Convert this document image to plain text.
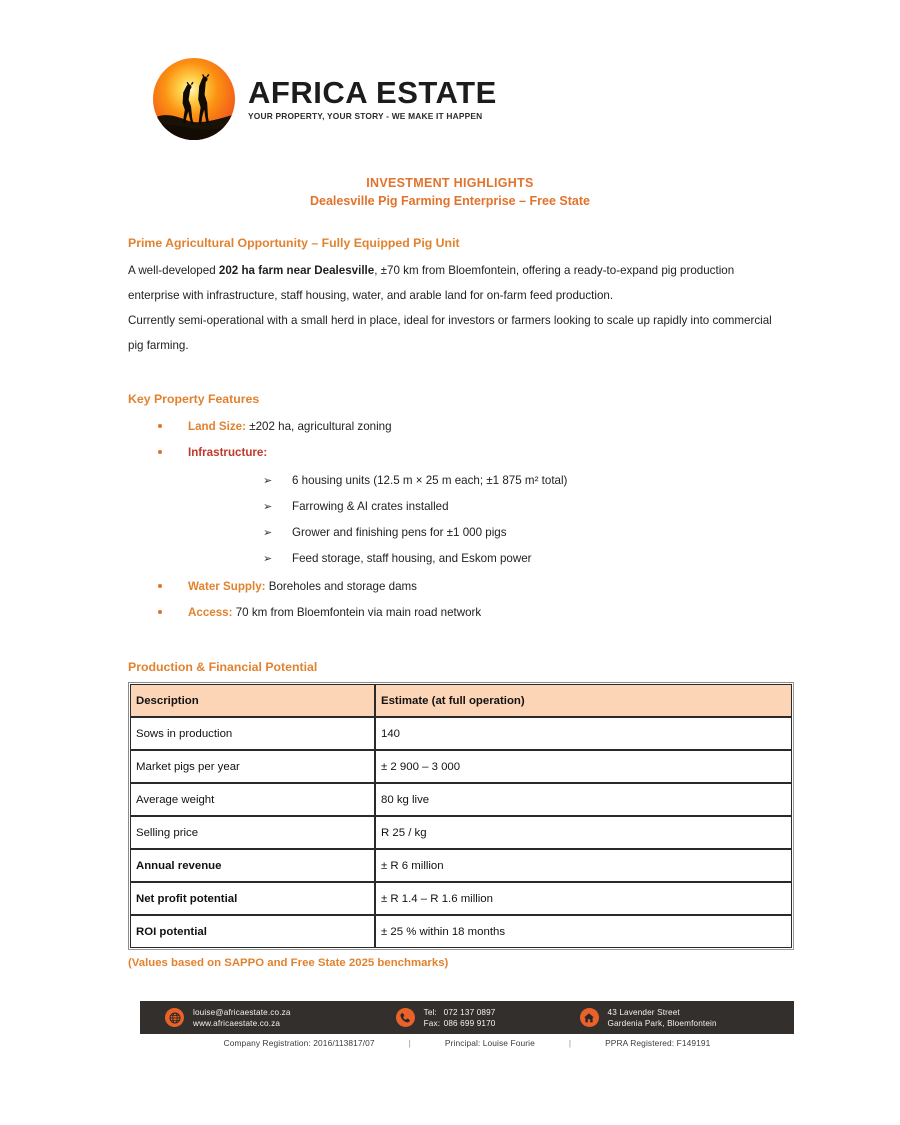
AFRICA ESTATE
YOUR PROPERTY, YOUR STORY - WE MAKE IT HAPPEN
INVESTMENT HIGHLIGHTS
Dealesville Pig Farming Enterprise – Free State
Prime Agricultural Opportunity – Fully Equipped Pig Unit

A well-developed 202 ha farm near Dealesville, ±70 km from Bloemfontein, offering a ready-to-expand pig production enterprise with infrastructure, staff housing, water, and arable land for on-farm feed production.

Currently semi-operational with a small herd in place, ideal for investors or farmers looking to scale up rapidly into commercial pig farming.

Key Property Features
Land Size: ±202 ha, agricultural zoning
Infrastructure:
➢ 6 housing units (12.5 m × 25 m each; ±1 875 m² total)
➢ Farrowing & AI crates installed
➢ Grower and finishing pens for ±1 000 pigs
➢ Feed storage, staff housing, and Eskom power
Water Supply: Boreholes and storage dams
Access: 70 km from Bloemfontein via main road network
Production & Financial Potential
Description	Estimate (at full operation)
Sows in production	140
Market pigs per year	± 2 900 – 3 000
Average weight	80 kg live
Selling price	R 25 / kg
Annual revenue	± R 6 million
Net profit potential	± R 1.4 – R 1.6 million
ROI potential	± 25 % within 18 months
(Values based on SAPPO and Free State 2025 benchmarks)
louise@africaestate.co.za
www.africaestate.co.za
Tel: 072 137 0897
Fax: 086 699 9170
43 Lavender Street
Gardenia Park, Bloemfontein
Company Registration: 2016/113817/07	|	Principal: Louise Fourie	|	PPRA Registered: F149191
